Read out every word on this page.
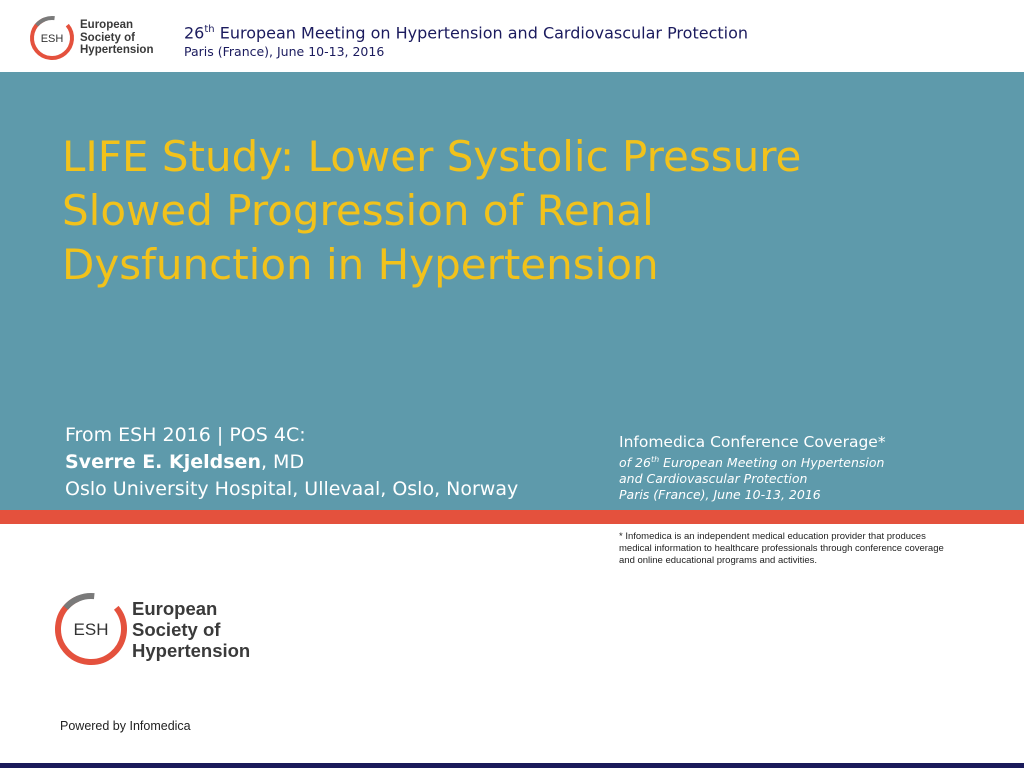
ESH
European
Society of
Hypertension
26th European Meeting on Hypertension and Cardiovascular Protection
Paris (France), June 10-13, 2016
LIFE Study: Lower Systolic Pressure
Slowed Progression of Renal
Dysfunction in Hypertension
From ESH 2016 | POS 4C:
Sverre E. Kjeldsen, MD
Oslo University Hospital, Ullevaal, Oslo, Norway
Infomedica Conference Coverage*
of 26th European Meeting on Hypertension
and Cardiovascular Protection
Paris (France), June 10-13, 2016
* Infomedica is an independent medical education provider that produces medical information to healthcare professionals through conference coverage and online educational programs and activities.
ESH
European
Society of
Hypertension
Powered by Infomedica
